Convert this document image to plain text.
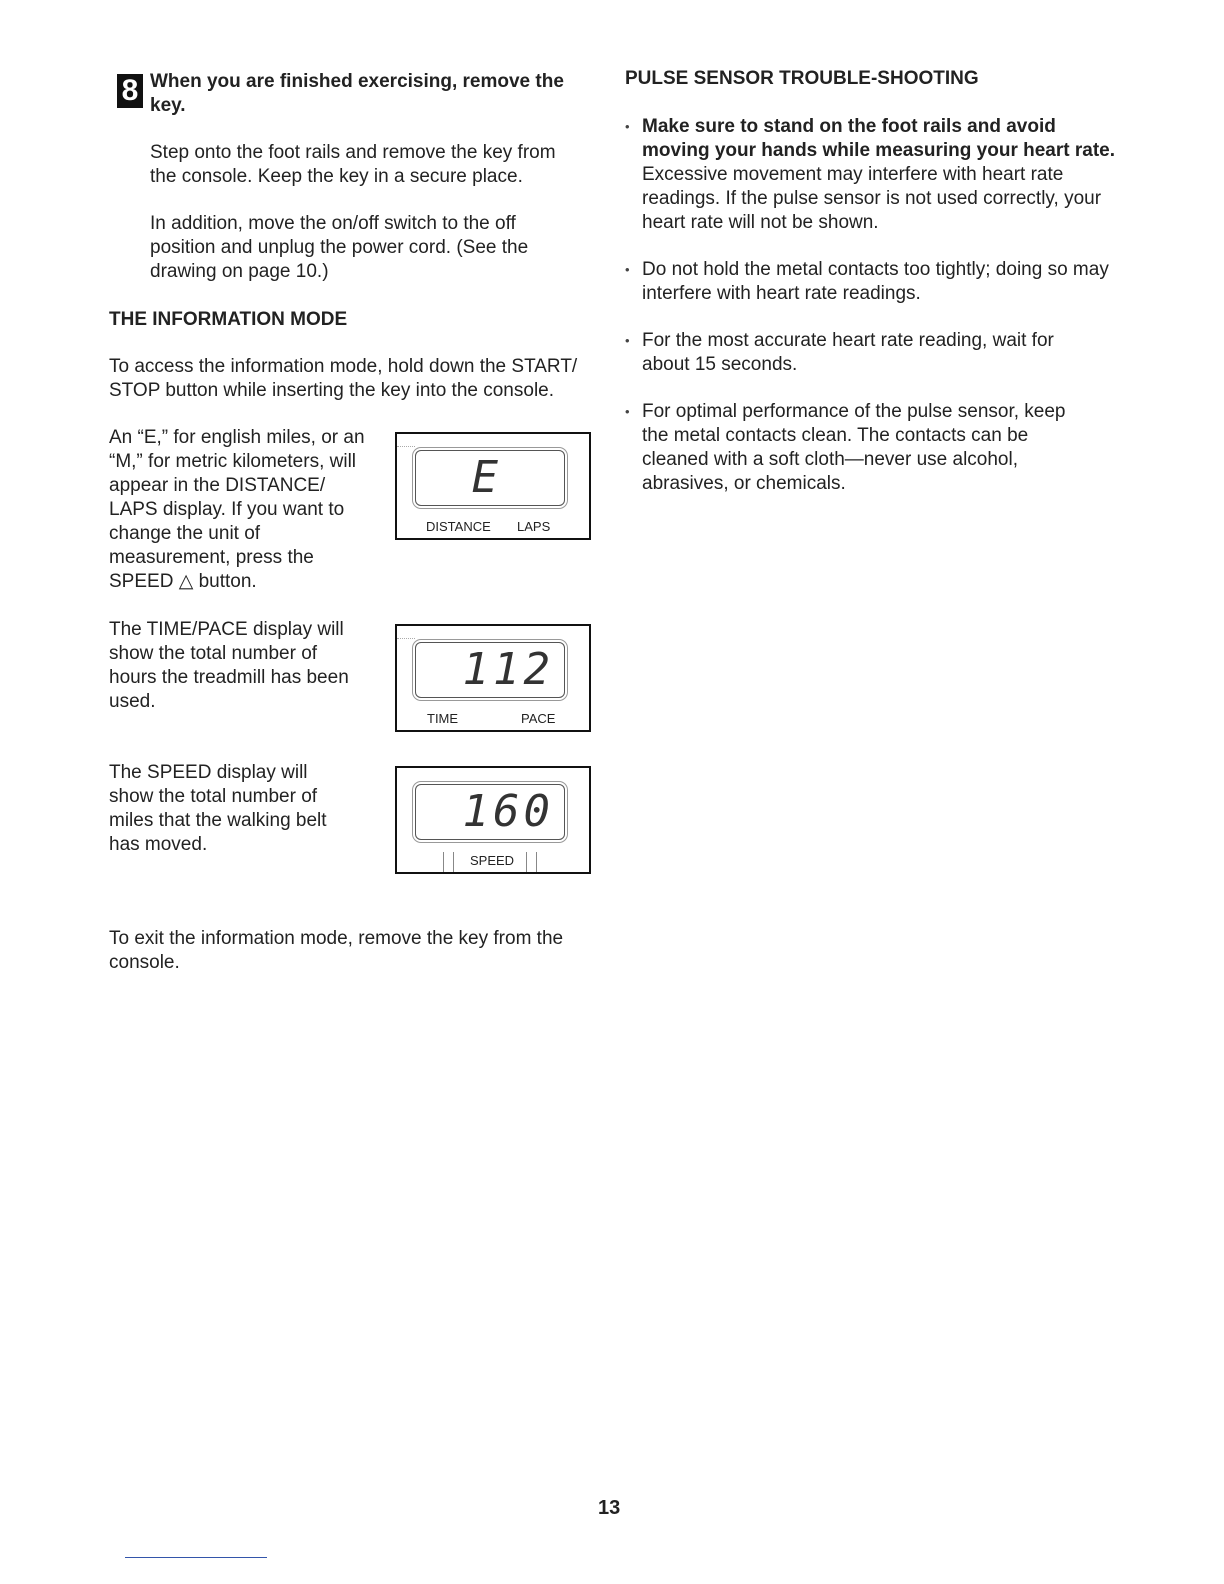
8 When you are finished exercising, remove the key.

Step onto the foot rails and remove the key from the console. Keep the key in a secure place.

In addition, move the on/off switch to the off position and unplug the power cord. (See the drawing on page 10.)

THE INFORMATION MODE

To access the information mode, hold down the START/ STOP button while inserting the key into the console.

An “E,” for english miles, or an “M,” for metric kilometers, will appear in the DISTANCE/ LAPS display. If you want to change the unit of measurement, press the SPEED △ button.

The TIME/PACE display will show the total number of hours the treadmill has been used.

The SPEED display will show the total number of miles that the walking belt has moved.

To exit the information mode, remove the key from the console.

E
DISTANCE LAPS
112
TIME	PACE
160
SPEED

PULSE SENSOR TROUBLE-SHOOTING

• Make sure to stand on the foot rails and avoid moving your hands while measuring your heart rate. Excessive movement may interfere with heart rate readings. If the pulse sensor is not used correctly, your heart rate will not be shown.

• Do not hold the metal contacts too tightly; doing so may interfere with heart rate readings.

• For the most accurate heart rate reading, wait for about 15 seconds.

• For optimal performance of the pulse sensor, keep the metal contacts clean. The contacts can be cleaned with a soft cloth—never use alcohol, abrasives, or chemicals.

13
